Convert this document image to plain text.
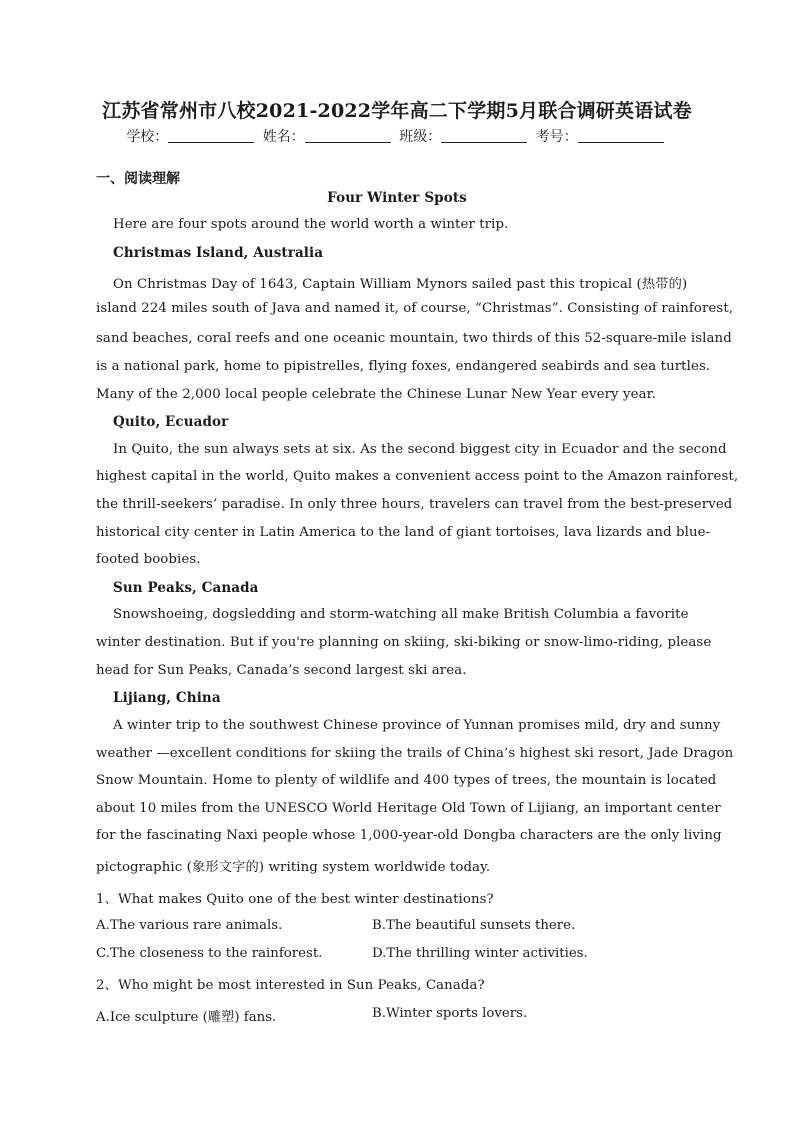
江苏省常州市八校2021-2022学年高二下学期5月联合调研英语试卷
学校：	姓名：	班级：	考号：
一、阅读理解
Four Winter Spots
Here are four spots around the world worth a winter trip.
Christmas Island, Australia
On Christmas Day of 1643, Captain William Mynors sailed past this tropical (热带的)
island 224 miles south of Java and named it, of course, “Christmas”. Consisting of rainforest,
sand beaches, coral reefs and one oceanic mountain, two thirds of this 52-square-mile island
is a national park, home to pipistrelles, flying foxes, endangered seabirds and sea turtles.
Many of the 2,000 local people celebrate the Chinese Lunar New Year every year.
Quito, Ecuador
In Quito, the sun always sets at six. As the second biggest city in Ecuador and the second
highest capital in the world, Quito makes a convenient access point to the Amazon rainforest,
the thrill-seekers’ paradise. In only three hours, travelers can travel from the best-preserved
historical city center in Latin America to the land of giant tortoises, lava lizards and blue-
footed boobies.
Sun Peaks, Canada
Snowshoeing, dogsledding and storm-watching all make British Columbia a favorite
winter destination. But if you're planning on skiing, ski-biking or snow-limo-riding, please
head for Sun Peaks, Canada’s second largest ski area.
Lijiang, China
A winter trip to the southwest Chinese province of Yunnan promises mild, dry and sunny
weather —excellent conditions for skiing the trails of China’s highest ski resort, Jade Dragon
Snow Mountain. Home to plenty of wildlife and 400 types of trees, the mountain is located
about 10 miles from the UNESCO World Heritage Old Town of Lijiang, an important center
for the fascinating Naxi people whose 1,000-year-old Dongba characters are the only living
pictographic (象形文字的) writing system worldwide today.
1、What makes Quito one of the best winter destinations?
A.The various rare animals.	B.The beautiful sunsets there.
C.The closeness to the rainforest.	D.The thrilling winter activities.
2、Who might be most interested in Sun Peaks, Canada?
A.Ice sculpture (雕塑) fans.	B.Winter sports lovers.
